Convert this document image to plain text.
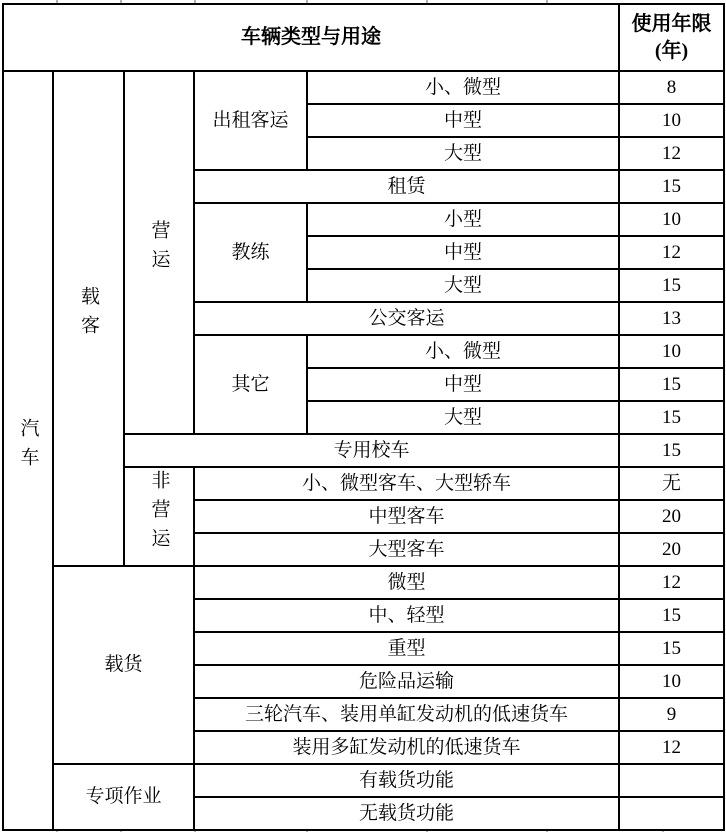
车辆类型与用途					使用年限
(年)

汽车	载客	营运	出租客运	小、微型	8
				中型	10
				大型	12
			租赁		15
			教练	小型	10
				中型	12
				大型	15
			公交客运		13
			其它	小、微型	10
				中型	15
				大型	15
		专用校车			15
		非营运	小、微型客车、大型轿车		无
			中型客车		20
			大型客车		20
	载货		微型		12
			中、轻型		15
			重型		15
			危险品运输		10
			三轮汽车、装用单缸发动机的低速货车		9
			装用多缸发动机的低速货车		12
	专项作业		有载货功能		
			无载货功能		
